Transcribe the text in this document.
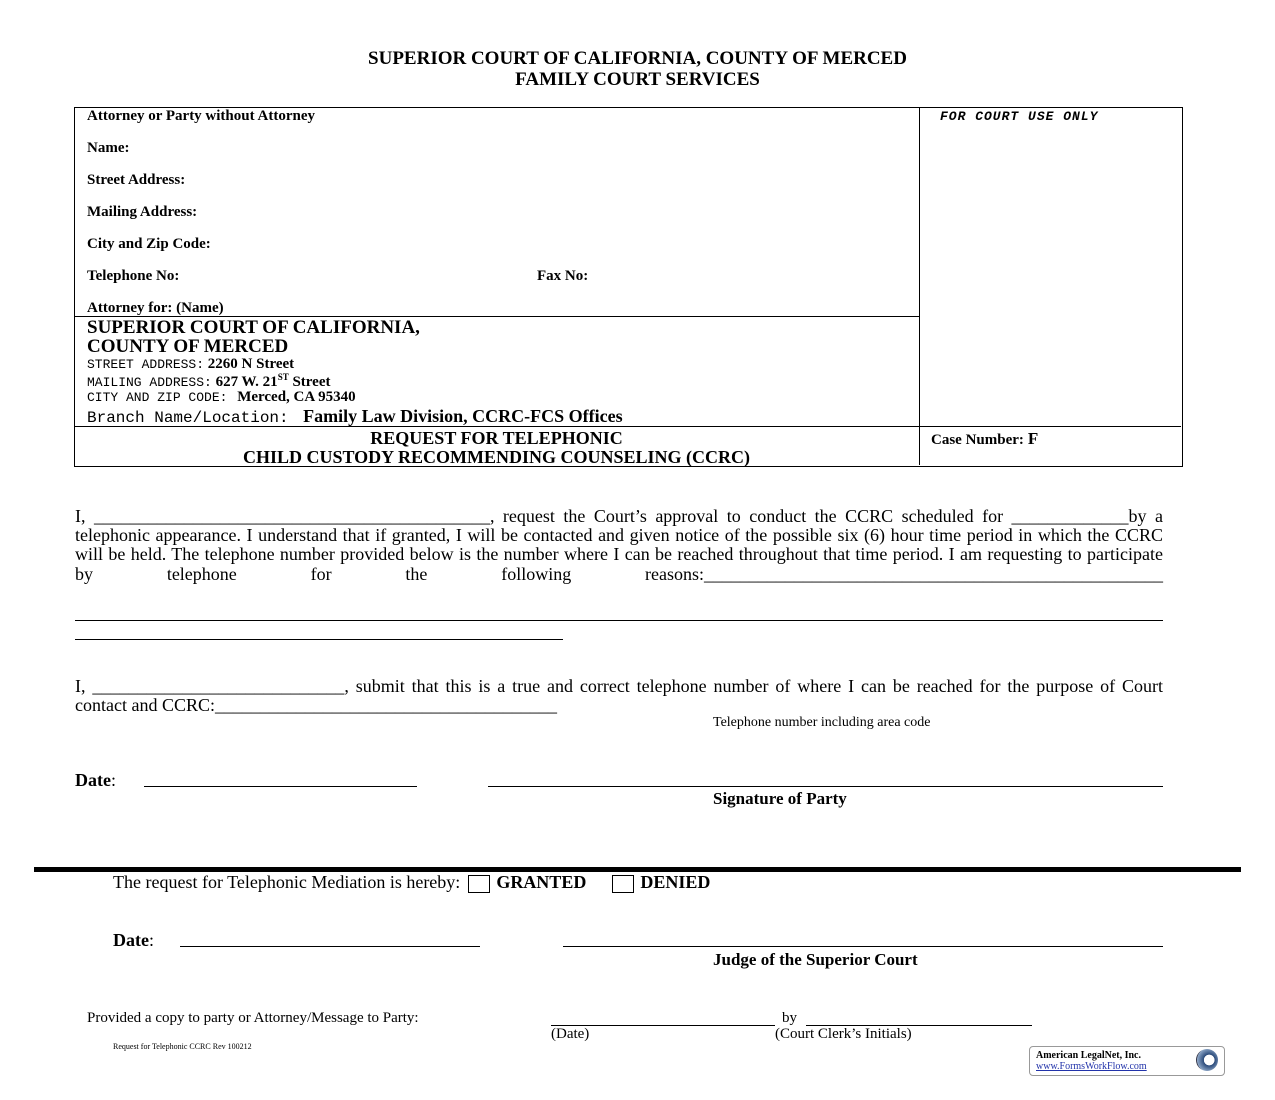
SUPERIOR COURT OF CALIFORNIA, COUNTY OF MERCED
FAMILY COURT SERVICES
Attorney or Party without Attorney
Name:
Street Address:
Mailing Address:
City and Zip Code:
Telephone No:	Fax No:
Attorney for: (Name)
FOR COURT USE ONLY
SUPERIOR COURT OF CALIFORNIA,
COUNTY OF MERCED
STREET ADDRESS: 2260 N Street
MAILING ADDRESS: 627 W. 21ST Street
CITY AND ZIP CODE: Merced, CA 95340
Branch Name/Location: Family Law Division, CCRC-FCS Offices
REQUEST FOR TELEPHONIC
CHILD CUSTODY RECOMMENDING COUNSELING (CCRC)
Case Number: F
I, ____________________________________________, request the Court’s approval to conduct the CCRC scheduled for _____________by a telephonic appearance. I understand that if granted, I will be contacted and given notice of the possible six (6) hour time period in which the CCRC will be held. The telephone number provided below is the number where I can be reached throughout that time period. I am requesting to participate by telephone for the following reasons:___________________________________________________
I, ____________________________, submit that this is a true and correct telephone number of where I can be reached for the purpose of Court contact and CCRC:______________________________________
Telephone number including area code
Date:
Signature of Party
The request for Telephonic Mediation is hereby: GRANTED	DENIED
Date:
Judge of the Superior Court
Provided a copy to party or Attorney/Message to Party:	by
(Date)	(Court Clerk’s Initials)
Request for Telephonic CCRC Rev 100212
American LegalNet, Inc.
www.FormsWorkFlow.com
